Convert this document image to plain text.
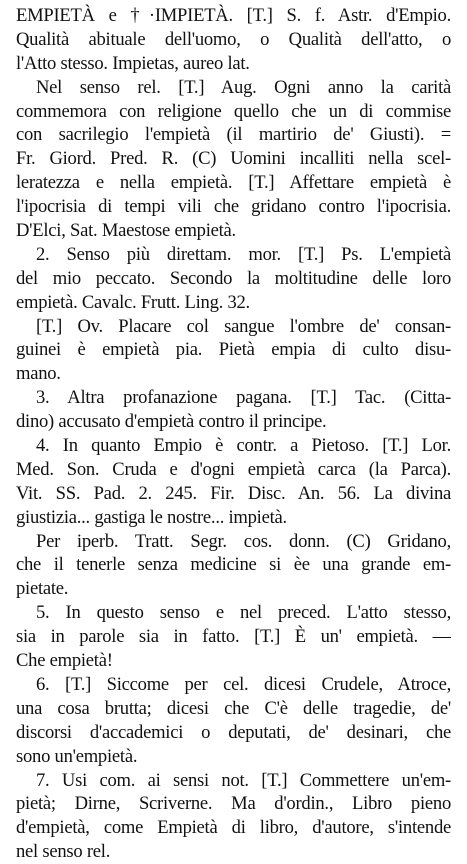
EMPIETÀ e †·IMPIETÀ. [T.] S. f. Astr. d'Empio.
Qualità abituale dell'uomo, o Qualità dell'atto, o
l'Atto stesso. Impietas, aureo lat.
Nel senso rel. [T.] Aug. Ogni anno la carità
commemora con religione quello che un di commise
con sacrilegio l'empietà (il martirio de' Giusti). =
Fr. Giord. Pred. R. (C) Uomini incalliti nella scel-
leratezza e nella empietà. [T.] Affettare empietà è
l'ipocrisia di tempi vili che gridano contro l'ipocrisia.
D'Elci, Sat. Maestose empietà.
2. Senso più direttam. mor. [T.] Ps. L'empietà
del mio peccato. Secondo la moltitudine delle loro
empietà. Cavalc. Frutt. Ling. 32.
[T.] Ov. Placare col sangue l'ombre de' consan-
guinei è empietà pia. Pietà empia di culto disu-
mano.
3. Altra profanazione pagana. [T.] Tac. (Citta-
dino) accusato d'empietà contro il principe.
4. In quanto Empio è contr. a Pietoso. [T.] Lor.
Med. Son. Cruda e d'ogni empietà carca (la Parca).
Vit. SS. Pad. 2. 245. Fir. Disc. An. 56. La divina
giustizia... gastiga le nostre... impietà.
Per iperb. Tratt. Segr. cos. donn. (C) Gridano,
che il tenerle senza medicine si èe una grande em-
pietate.
5. In questo senso e nel preced. L'atto stesso,
sia in parole sia in fatto. [T.] È un' empietà. —
Che empietà!
6. [T.] Siccome per cel. dicesi Crudele, Atroce,
una cosa brutta; dicesi che C'è delle tragedie, de'
discorsi d'accademici o deputati, de' desinari, che
sono un'empietà.
7. Usi com. ai sensi not. [T.] Commettere un'em-
pietà; Dirne, Scriverne. Ma d'ordin., Libro pieno
d'empietà, come Empietà di libro, d'autore, s'intende
nel senso rel.
